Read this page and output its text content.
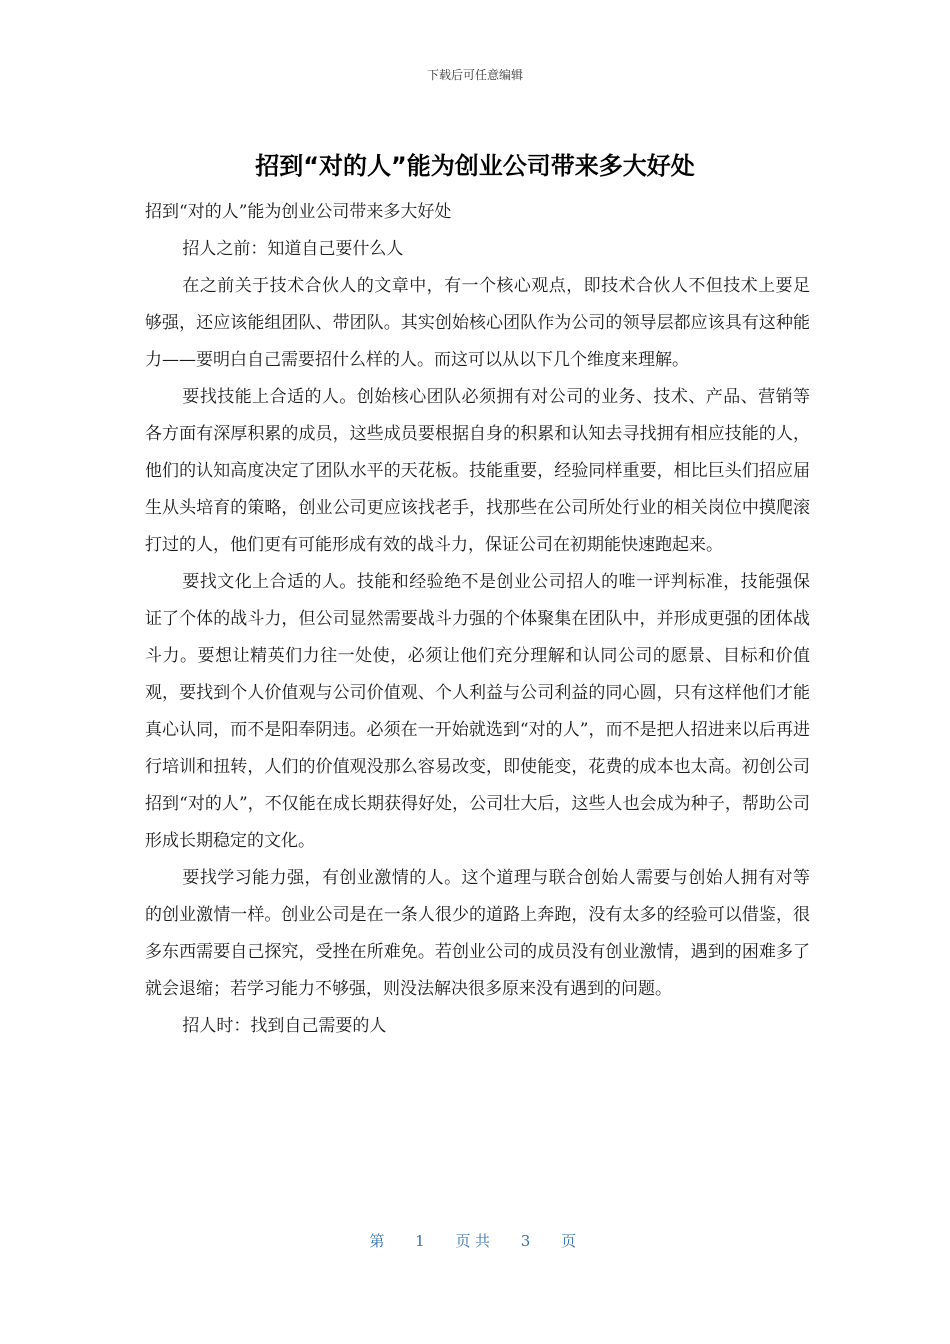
下载后可任意编辑
招到“对的人”能为创业公司带来多大好处

招到“对的人”能为创业公司带来多大好处

招人之前：知道自己要什么人

在之前关于技术合伙人的文章中，有一个核心观点，即技术合伙人不但技术上要足够强，还应该能组团队、带团队。其实创始核心团队作为公司的领导层都应该具有这种能力——要明白自己需要招什么样的人。而这可以从以下几个维度来理解。

要找技能上合适的人。创始核心团队必须拥有对公司的业务、技术、产品、营销等各方面有深厚积累的成员，这些成员要根据自身的积累和认知去寻找拥有相应技能的人，他们的认知高度决定了团队水平的天花板。技能重要，经验同样重要，相比巨头们招应届生从头培育的策略，创业公司更应该找老手，找那些在公司所处行业的相关岗位中摸爬滚打过的人，他们更有可能形成有效的战斗力，保证公司在初期能快速跑起来。

要找文化上合适的人。技能和经验绝不是创业公司招人的唯一评判标准，技能强保证了个体的战斗力，但公司显然需要战斗力强的个体聚集在团队中，并形成更强的团体战斗力。要想让精英们力往一处使，必须让他们充分理解和认同公司的愿景、目标和价值观，要找到个人价值观与公司价值观、个人利益与公司利益的同心圆，只有这样他们才能真心认同，而不是阳奉阴违。必须在一开始就选到“对的人”，而不是把人招进来以后再进行培训和扭转，人们的价值观没那么容易改变，即使能变，花费的成本也太高。初创公司招到“对的人”，不仅能在成长期获得好处，公司壮大后，这些人也会成为种子，帮助公司形成长期稳定的文化。

要找学习能力强，有创业激情的人。这个道理与联合创始人需要与创始人拥有对等的创业激情一样。创业公司是在一条人很少的道路上奔跑，没有太多的经验可以借鉴，很多东西需要自己探究，受挫在所难免。若创业公司的成员没有创业激情，遇到的困难多了就会退缩；若学习能力不够强，则没法解决很多原来没有遇到的问题。

招人时：找到自己需要的人

第 1 页共 3 页
